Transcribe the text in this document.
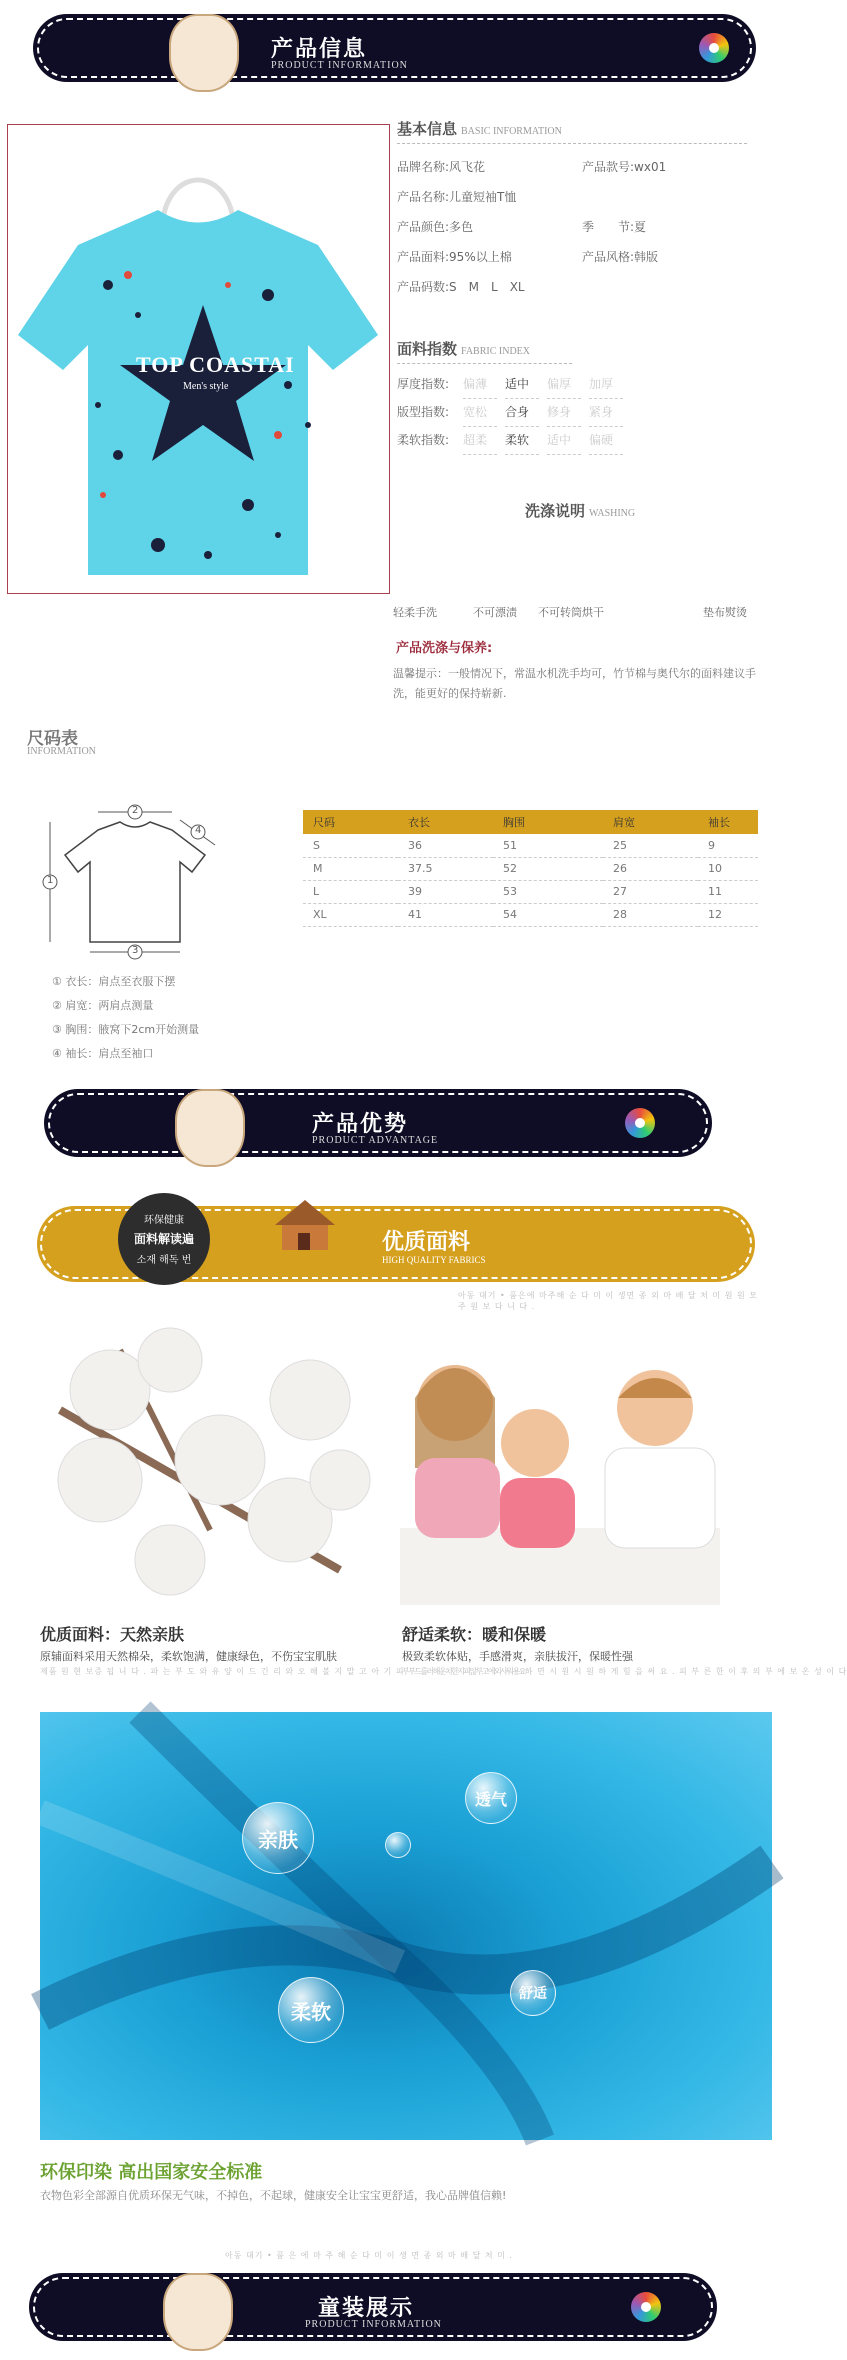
产品信息
PRODUCT INFORMATION
TOP COASTAI
Men's style
基本信息 BASIC INFORMATION
品牌名称:风飞花	产品款号:wx01
产品名称:儿童短袖T恤
产品颜色:多色	季　　节:夏
产品面料:95%以上棉	产品风格:韩版
产品码数:S　M　L　XL
面料指数 FABRIC INDEX
厚度指数: 偏薄 适中 偏厚 加厚
版型指数: 宽松 合身 修身 紧身
柔软指数: 超柔 柔软 适中 偏硬
洗涤说明 WASHING
轻柔手洗	不可漂渍 不可转筒烘干	垫布熨烫
产品洗涤与保养:
温馨提示：一般情况下，常温水机洗手均可，竹节棉与奥代尔的面料建议手洗，能更好的保持崭新.
尺码表
INFORMATION
1
2
3
4
① 衣长：肩点至衣服下摆
② 肩宽：两肩点测量
③ 胸围：腋窝下2cm开始测量
④ 袖长：肩点至袖口
尺码	衣长	胸围	肩宽	袖长
S	36	51	25	9
M	37.5	52	26	10
L	39	53	27	11
XL	41	54	28	12
产品优势
PRODUCT ADVANTAGE
优质面料
HIGH QUALITY FABRICS
环保健康
面料解读遍
소재 해독 번
아동 대기 • 품은에 마주해 순 다 미 이 생면 종 외 마 배 달 처 미 원 원 모 주 원 보 다 니 다 .
优质面料：天然亲肤
原辅面料采用天然棉朵，柔软饱满，健康绿色，不伤宝宝肌肤
제품 원 현 보증 됩 니 다 . 파 는 부 도 와 유 양 이 드 긴 리 와 오 해 볼 지 말 고 아 기 피 부 를 해 치 지 않 고 외 워 요
舒适柔软：暖和保暖
极致柔软体贴，手感滑爽，亲肤拔汗，保暖性强
부 드 러 운 한 피 부 에 사 용 하 면 시 원 시 원 하 게 힘 을 써 요 . 피 부 른 한 이 후 의 부 에 보 온 성 이 다
亲肤
透气
柔软
舒适
环保印染 高出国家安全标准
衣物色彩全部源自优质环保无气味，不掉色，不起球，健康安全让宝宝更舒适，我心品牌值信赖!
아동 대기 • 품 은 에 마 주 해 순 다 미 이 생 면 종 외 마 배 달 처 미 .
童装展示
PRODUCT INFORMATION
